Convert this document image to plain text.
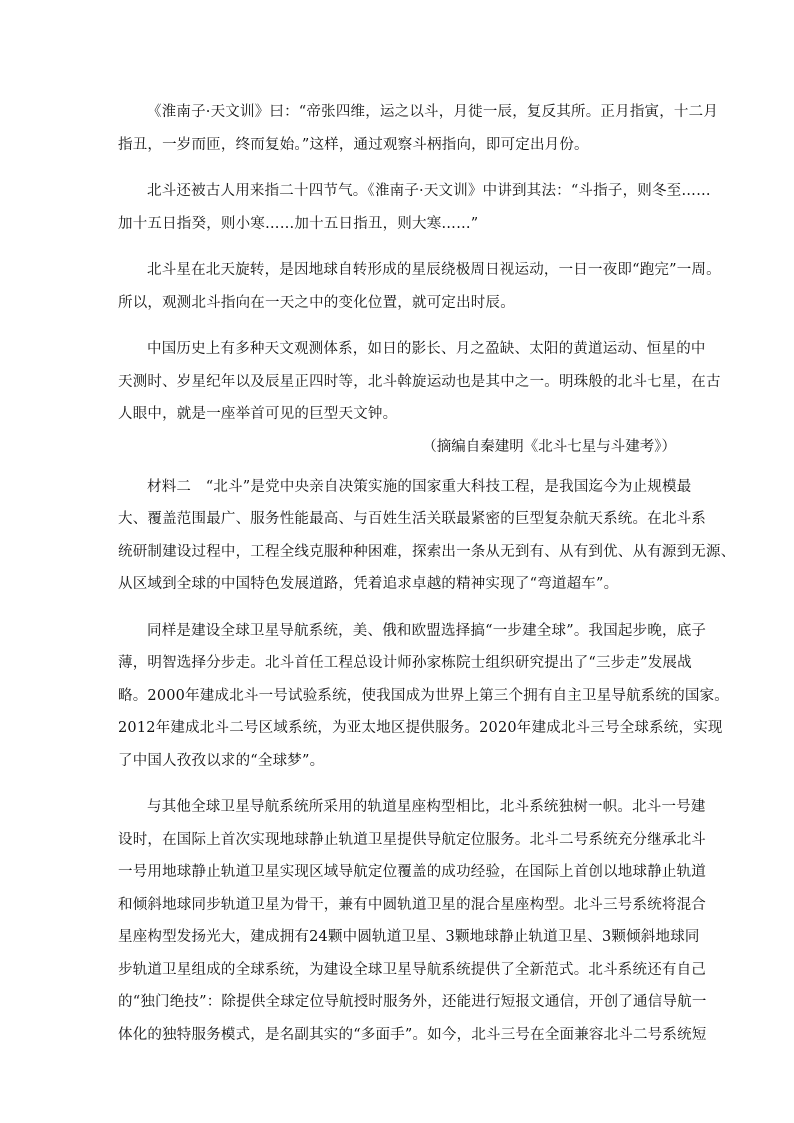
《淮南子·天文训》曰：“帝张四维，运之以斗，月徙一辰，复反其所。正月指寅，十二月
指丑，一岁而匝，终而复始。”这样，通过观察斗柄指向，即可定出月份。
北斗还被古人用来指二十四节气。《淮南子·天文训》中讲到其法：“斗指子，则冬至……
加十五日指癸，则小寒……加十五日指丑，则大寒……”
北斗星在北天旋转，是因地球自转形成的星辰绕极周日视运动，一日一夜即“跑完”一周。
所以，观测北斗指向在一天之中的变化位置，就可定出时辰。
中国历史上有多种天文观测体系，如日的影长、月之盈缺、太阳的黄道运动、恒星的中
天测时、岁星纪年以及辰星正四时等，北斗斡旋运动也是其中之一。明珠般的北斗七星，在古
人眼中，就是一座举首可见的巨型天文钟。
（摘编自秦建明《北斗七星与斗建考》）
材料二　“北斗”是党中央亲自决策实施的国家重大科技工程，是我国迄今为止规模最
大、覆盖范围最广、服务性能最高、与百姓生活关联最紧密的巨型复杂航天系统。在北斗系
统研制建设过程中，工程全线克服种种困难，探索出一条从无到有、从有到优、从有源到无源、
从区域到全球的中国特色发展道路，凭着追求卓越的精神实现了“弯道超车”。
同样是建设全球卫星导航系统，美、俄和欧盟选择搞“一步建全球”。我国起步晚，底子
薄，明智选择分步走。北斗首任工程总设计师孙家栋院士组织研究提出了“三步走”发展战
略。2000年建成北斗一号试验系统，使我国成为世界上第三个拥有自主卫星导航系统的国家。
2012年建成北斗二号区域系统，为亚太地区提供服务。2020年建成北斗三号全球系统，实现
了中国人孜孜以求的“全球梦”。
与其他全球卫星导航系统所采用的轨道星座构型相比，北斗系统独树一帜。北斗一号建
设时，在国际上首次实现地球静止轨道卫星提供导航定位服务。北斗二号系统充分继承北斗
一号用地球静止轨道卫星实现区域导航定位覆盖的成功经验，在国际上首创以地球静止轨道
和倾斜地球同步轨道卫星为骨干，兼有中圆轨道卫星的混合星座构型。北斗三号系统将混合
星座构型发扬光大，建成拥有24颗中圆轨道卫星、3颗地球静止轨道卫星、3颗倾斜地球同
步轨道卫星组成的全球系统，为建设全球卫星导航系统提供了全新范式。北斗系统还有自己
的“独门绝技”：除提供全球定位导航授时服务外，还能进行短报文通信，开创了通信导航一
体化的独特服务模式，是名副其实的“多面手”。如今，北斗三号在全面兼容北斗二号系统短
